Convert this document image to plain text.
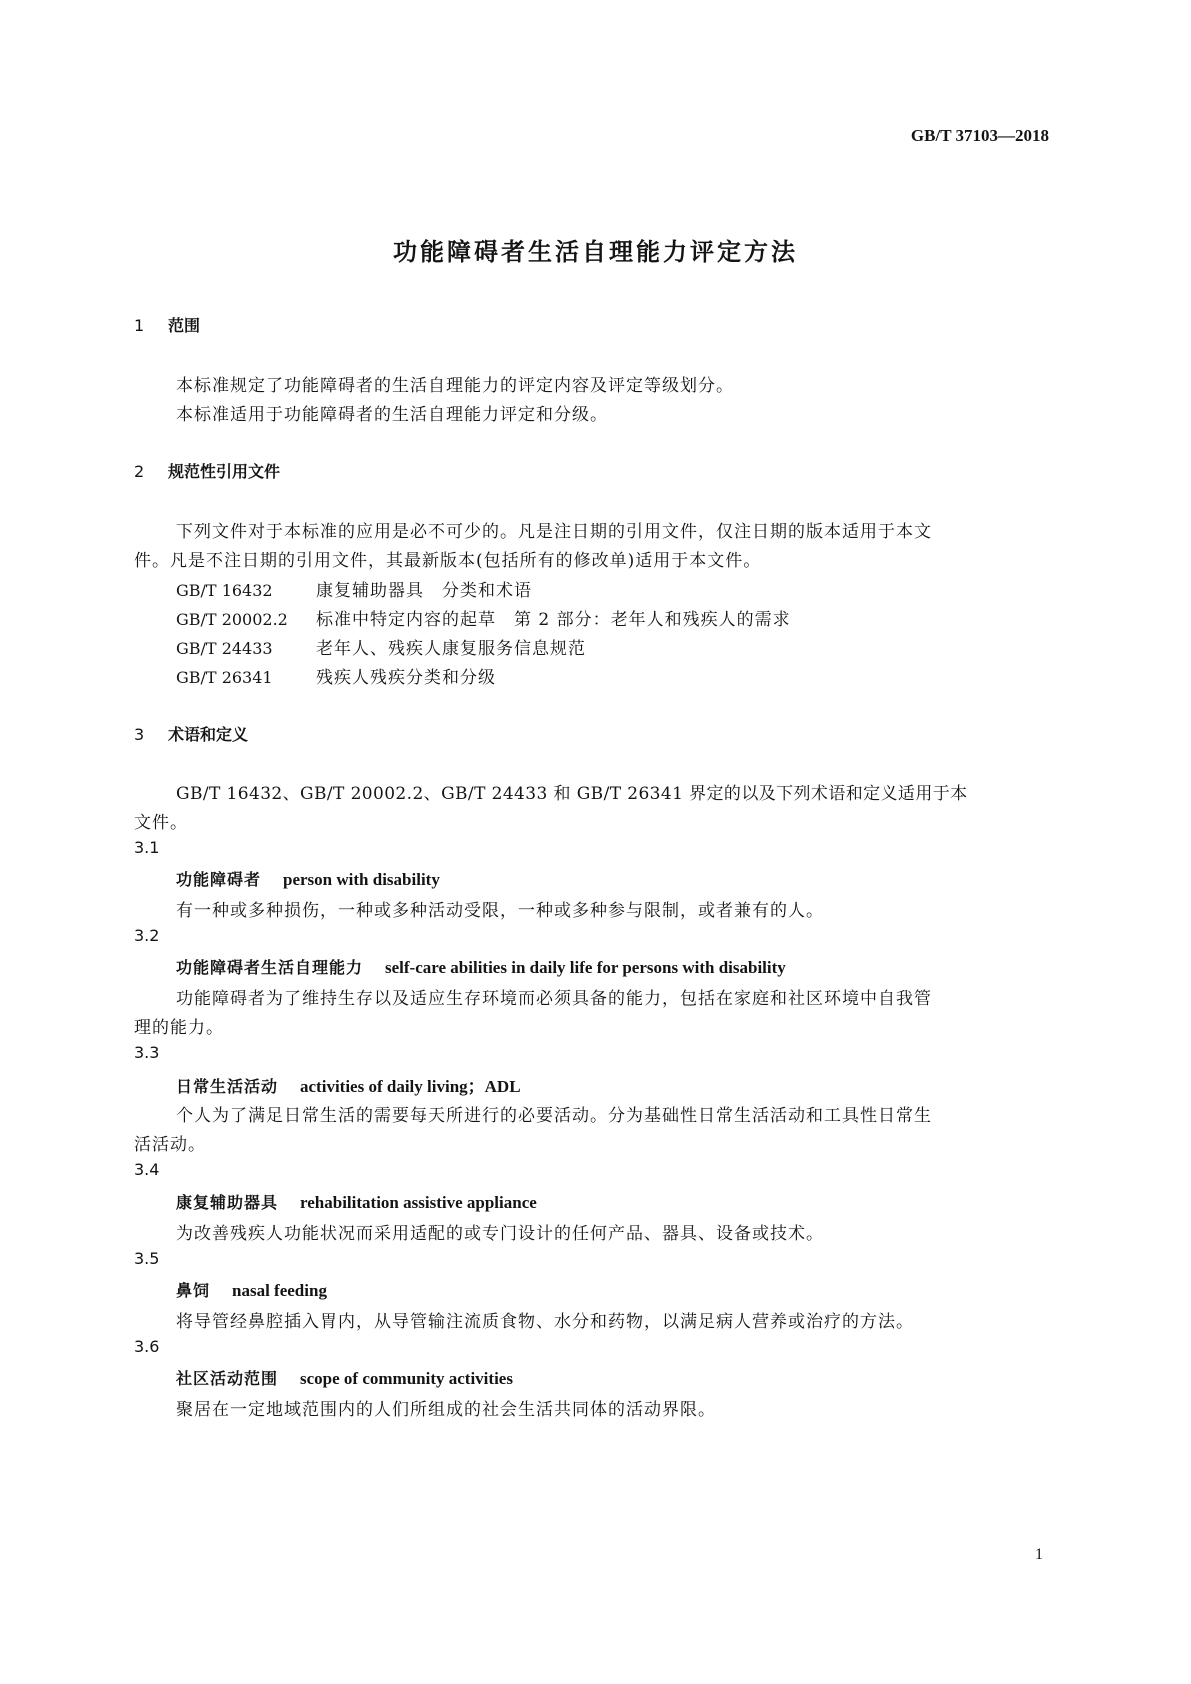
GB/T 37103—2018
功能障碍者生活自理能力评定方法
1 范围
本标准规定了功能障碍者的生活自理能力的评定内容及评定等级划分。
本标准适用于功能障碍者的生活自理能力评定和分级。
2 规范性引用文件
下列文件对于本标准的应用是必不可少的。凡是注日期的引用文件，仅注日期的版本适用于本文
件。凡是不注日期的引用文件，其最新版本(包括所有的修改单)适用于本文件。
GB/T 16432	康复辅助器具　分类和术语
GB/T 20002.2 标准中特定内容的起草　第 2 部分：老年人和残疾人的需求
GB/T 24433	老年人、残疾人康复服务信息规范
GB/T 26341	残疾人残疾分类和分级
3 术语和定义
GB/T 16432、GB/T 20002.2、GB/T 24433 和 GB/T 26341 界定的以及下列术语和定义适用于本
文件。
3.1
功能障碍者 person with disability
有一种或多种损伤，一种或多种活动受限，一种或多种参与限制，或者兼有的人。
3.2
功能障碍者生活自理能力 self-care abilities in daily life for persons with disability
功能障碍者为了维持生存以及适应生存环境而必须具备的能力，包括在家庭和社区环境中自我管
理的能力。
3.3
日常生活活动 activities of daily living；ADL
个人为了满足日常生活的需要每天所进行的必要活动。分为基础性日常生活活动和工具性日常生
活活动。
3.4
康复辅助器具 rehabilitation assistive appliance
为改善残疾人功能状况而采用适配的或专门设计的任何产品、器具、设备或技术。
3.5
鼻饲 nasal feeding
将导管经鼻腔插入胃内，从导管输注流质食物、水分和药物，以满足病人营养或治疗的方法。
3.6
社区活动范围 scope of community activities
聚居在一定地域范围内的人们所组成的社会生活共同体的活动界限。
1
